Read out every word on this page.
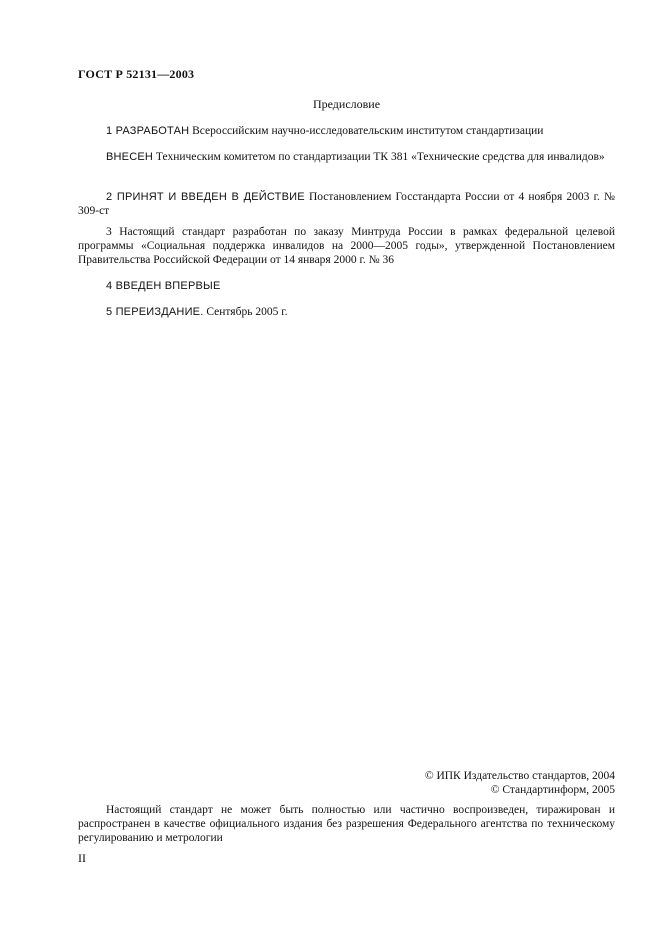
ГОСТ Р 52131—2003
Предисловие
1 РАЗРАБОТАН Всероссийским научно-исследовательским институтом стандартизации
ВНЕСЕН Техническим комитетом по стандартизации ТК 381 «Технические средства для инвалидов»
2 ПРИНЯТ И ВВЕДЕН В ДЕЙСТВИЕ Постановлением Госстандарта России от 4 ноября 2003 г. № 309-ст
3 Настоящий стандарт разработан по заказу Минтруда России в рамках федеральной целевой программы «Социальная поддержка инвалидов на 2000—2005 годы», утвержденной Постановлением Правительства Российской Федерации от 14 января 2000 г. № 36
4 ВВЕДЕН ВПЕРВЫЕ
5 ПЕРЕИЗДАНИЕ. Сентябрь 2005 г.
© ИПК Издательство стандартов, 2004
© Стандартинформ, 2005
Настоящий стандарт не может быть полностью или частично воспроизведен, тиражирован и распространен в качестве официального издания без разрешения Федерального агентства по техническому регулированию и метрологии
II
